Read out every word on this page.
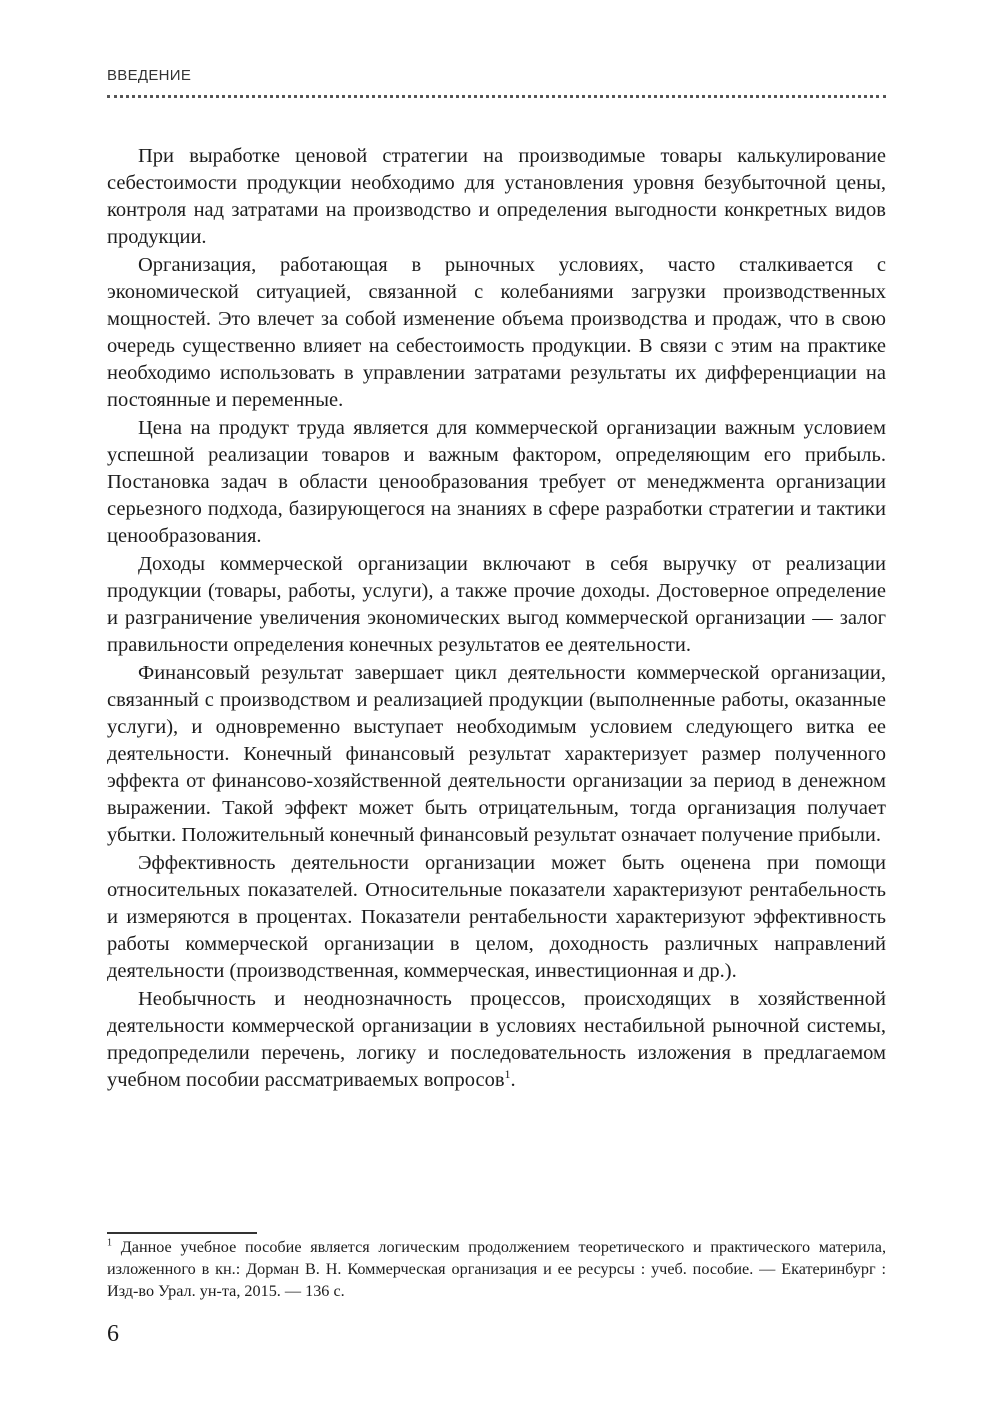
ВВЕДЕНИЕ

При выработке ценовой стратегии на производимые товары калькулирование себестоимости продукции необходимо для установления уровня безубыточной цены, контроля над затратами на производство и определения выгодности конкретных видов продукции.

Организация, работающая в рыночных условиях, часто сталкивается с экономической ситуацией, связанной с колебаниями загрузки производственных мощностей. Это влечет за собой изменение объема производства и продаж, что в свою очередь существенно влияет на себестоимость продукции. В связи с этим на практике необходимо использовать в управлении затратами результаты их дифференциации на постоянные и переменные.

Цена на продукт труда является для коммерческой организации важным условием успешной реализации товаров и важным фактором, определяющим его прибыль. Постановка задач в области ценообразования требует от менеджмента организации серьезного подхода, базирующегося на знаниях в сфере разработки стратегии и тактики ценообразования.

Доходы коммерческой организации включают в себя выручку от реализации продукции (товары, работы, услуги), а также прочие доходы. Достоверное определение и разграничение увеличения экономических выгод коммерческой организации — залог правильности определения конечных результатов ее деятельности.

Финансовый результат завершает цикл деятельности коммерческой организации, связанный с производством и реализацией продукции (выполненные работы, оказанные услуги), и одновременно выступает необходимым условием следующего витка ее деятельности. Конечный финансовый результат характеризует размер полученного эффекта от финансово-хозяйственной деятельности организации за период в денежном выражении. Такой эффект может быть отрицательным, тогда организация получает убытки. Положительный конечный финансовый результат означает получение прибыли.

Эффективность деятельности организации может быть оценена при помощи относительных показателей. Относительные показатели характеризуют рентабельность и измеряются в процентах. Показатели рентабельности характеризуют эффективность работы коммерческой организации в целом, доходность различных направлений деятельности (производственная, коммерческая, инвестиционная и др.).

Необычность и неоднозначность процессов, происходящих в хозяйственной деятельности коммерческой организации в условиях нестабильной рыночной системы, предопределили перечень, логику и последовательность изложения в предлагаемом учебном пособии рассматриваемых вопросов$^1$.

$^1$ Данное учебное пособие является логическим продолжением теоретического и практического материла, изложенного в кн.: Дорман В. Н. Коммерческая организация и ее ресурсы : учеб. пособие. — Екатеринбург : Изд-во Урал. ун-та, 2015. — 136 с.
6
